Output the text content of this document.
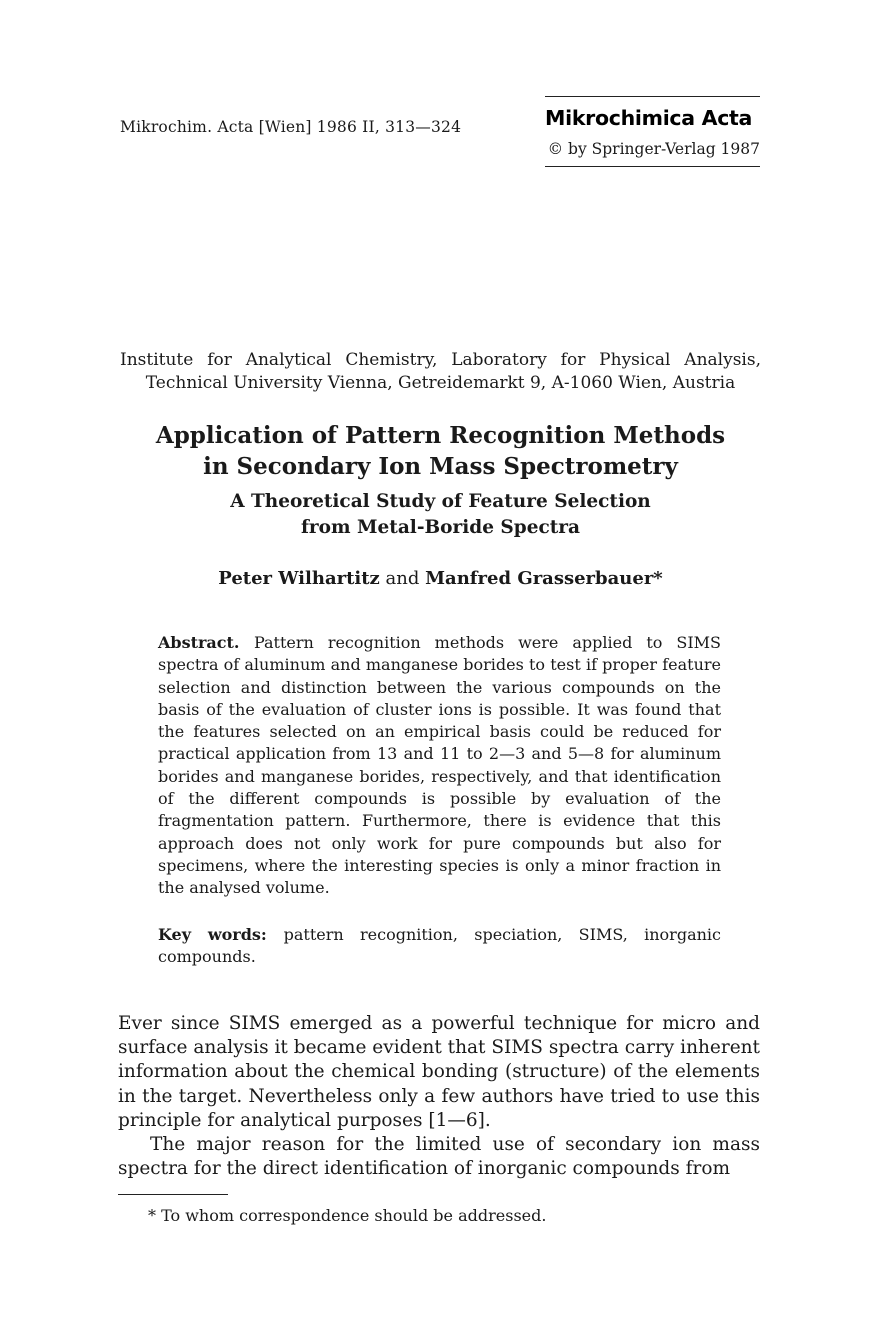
Mikrochim. Acta [Wien] 1986 II, 313—324	Mikrochimica Acta
© by Springer-Verlag 1987
Institute for Analytical Chemistry, Laboratory for Physical Analysis,
Technical University Vienna, Getreidemarkt 9, A-1060 Wien, Austria
Application of Pattern Recognition Methods
in Secondary Ion Mass Spectrometry
A Theoretical Study of Feature Selection
from Metal-Boride Spectra
Peter Wilhartitz and Manfred Grasserbauer*
Abstract. Pattern recognition methods were applied to SIMS spectra of aluminum and manganese borides to test if proper feature selection and distinction between the various compounds on the basis of the evaluation of cluster ions is possible. It was found that the features selected on an empirical basis could be reduced for practical application from 13 and 11 to 2—3 and 5—8 for aluminum borides and manganese borides, respectively, and that identification of the different compounds is possible by evaluation of the fragmentation pattern. Furthermore, there is evidence that this approach does not only work for pure compounds but also for specimens, where the interesting species is only a minor fraction in the analysed volume.
Key words: pattern recognition, speciation, SIMS, inorganic compounds.

Ever since SIMS emerged as a powerful technique for micro and surface analysis it became evident that SIMS spectra carry inherent information about the chemical bonding (structure) of the elements in the target. Nevertheless only a few authors have tried to use this principle for analytical purposes [1—6].

The major reason for the limited use of secondary ion mass spectra for the direct identification of inorganic compounds from

* To whom correspondence should be addressed.
